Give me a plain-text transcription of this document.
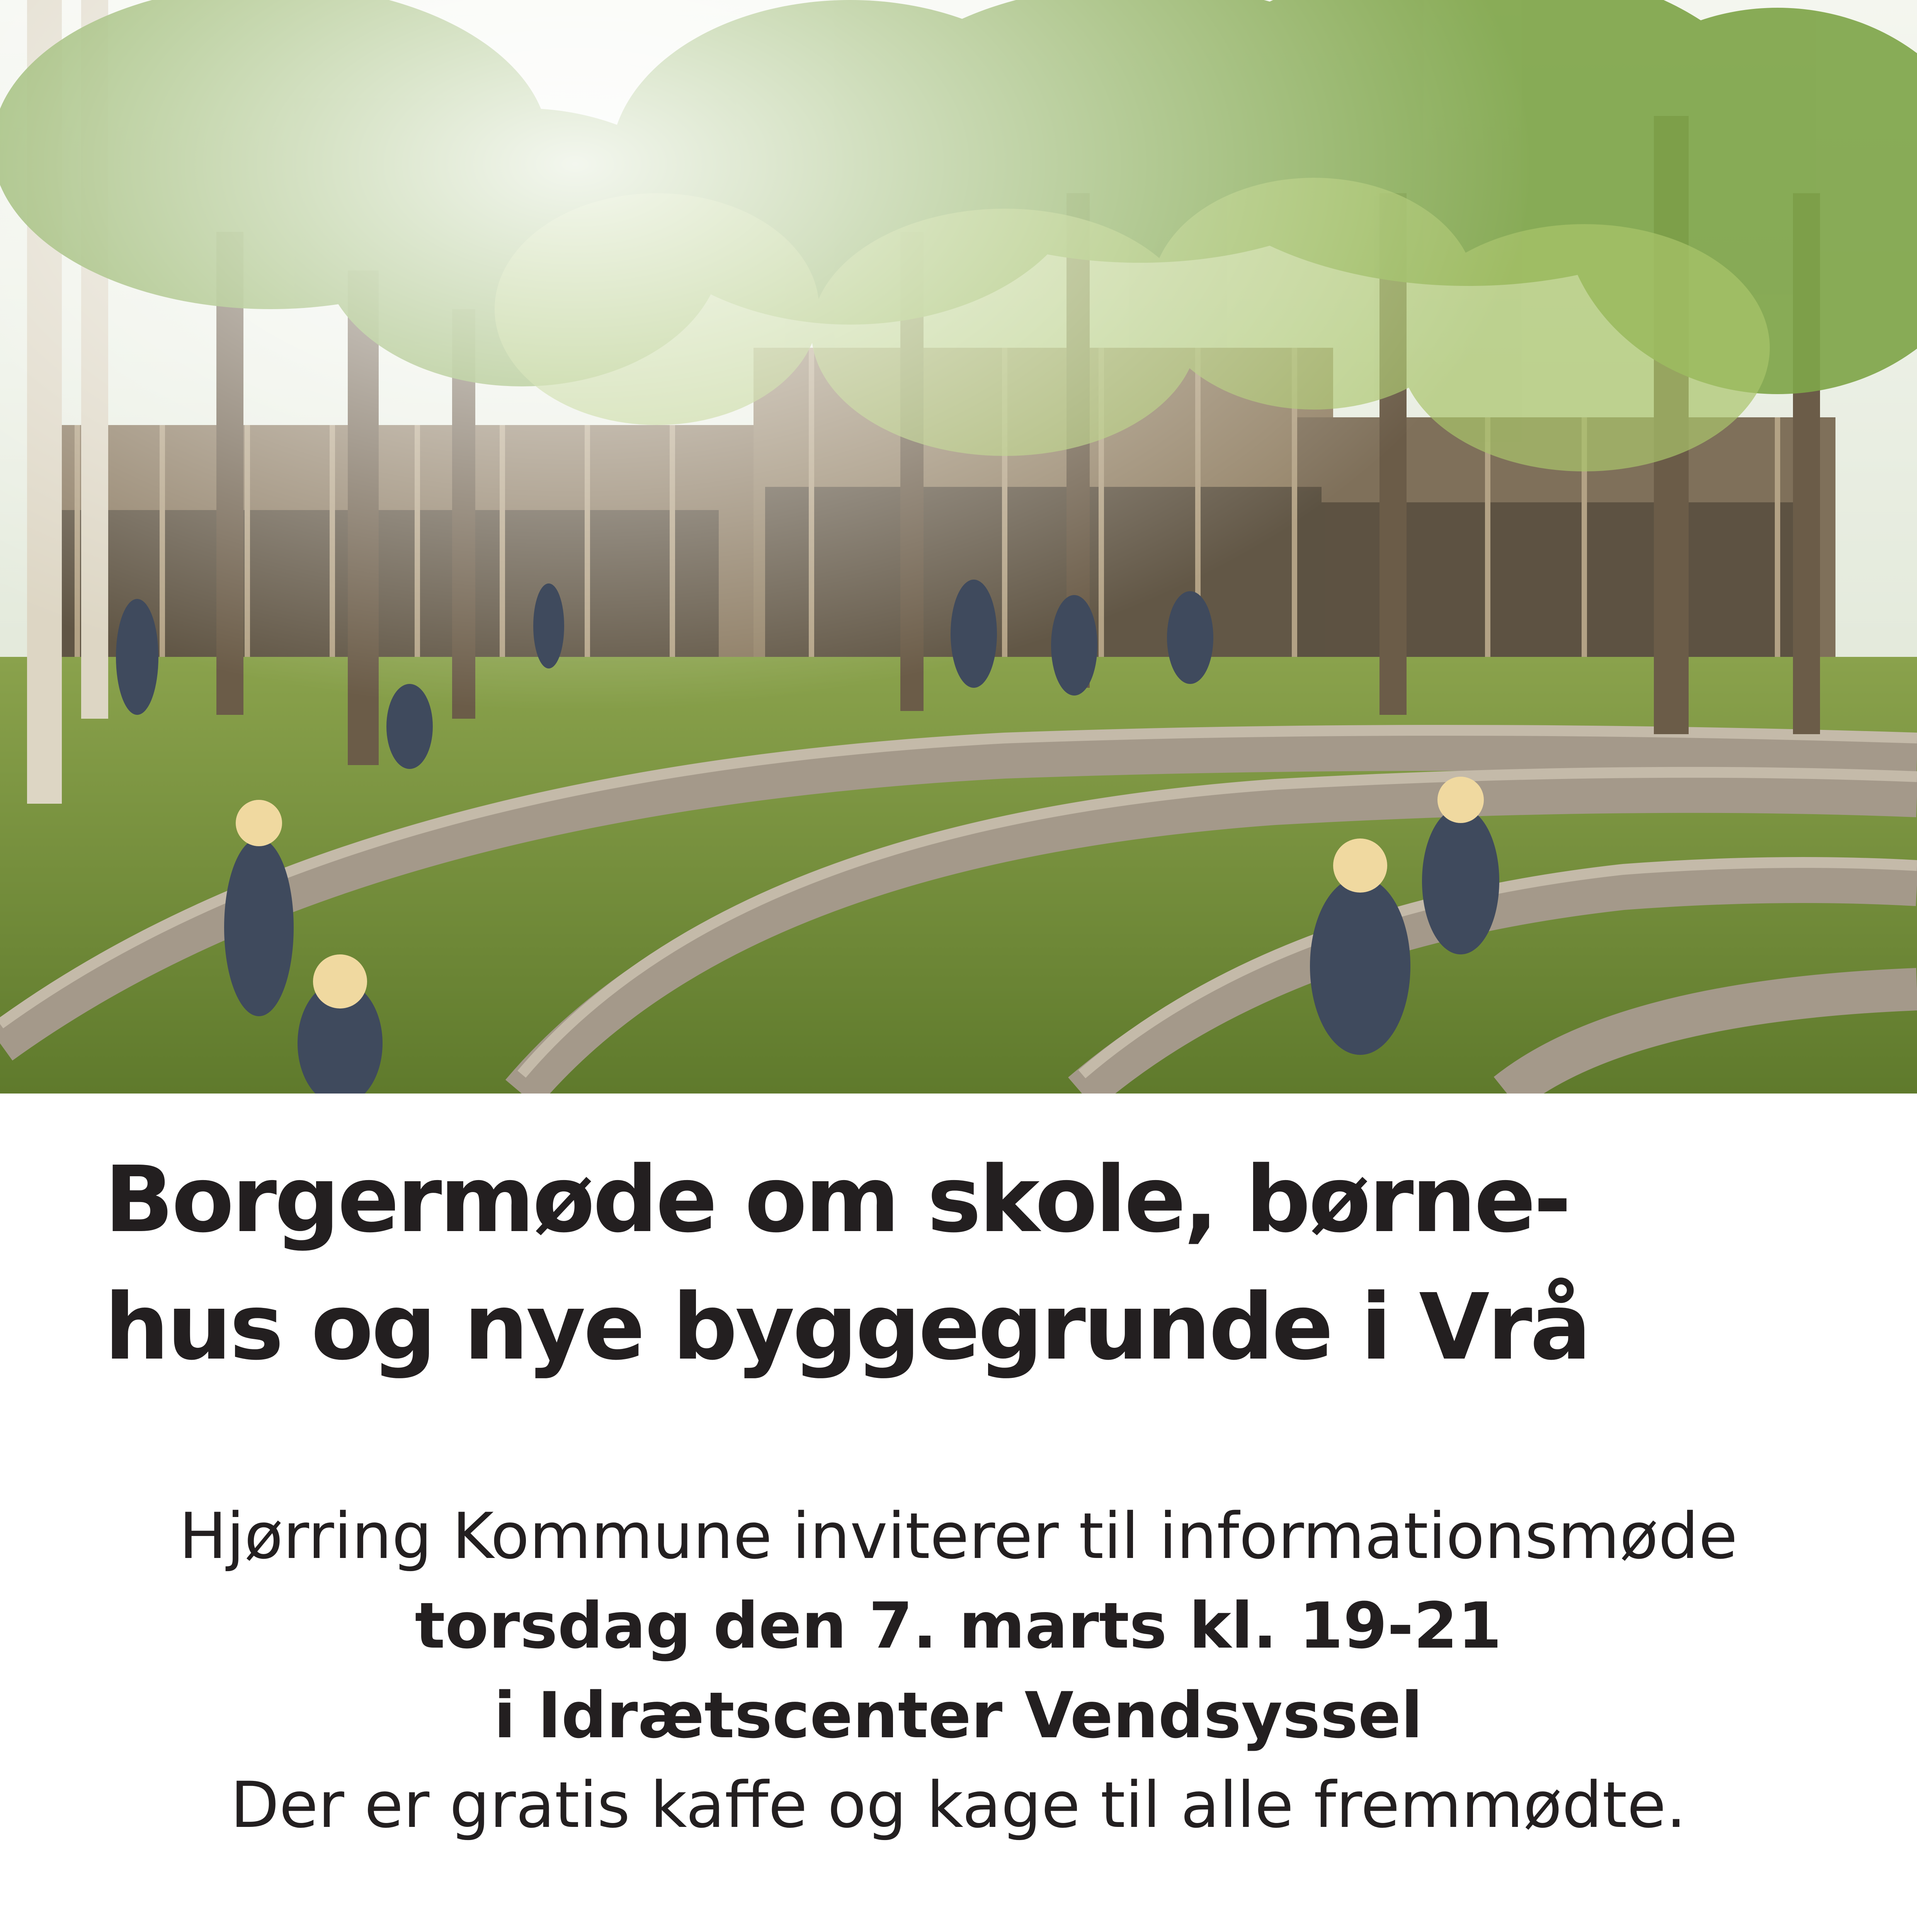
Borgermøde om skole, børne-
hus og nye byggegrunde i Vrå
Hjørring Kommune inviterer til informationsmøde
torsdag den 7. marts kl. 19-21
i Idrætscenter Vendsyssel
Der er gratis kaffe og kage til alle fremmødte.
